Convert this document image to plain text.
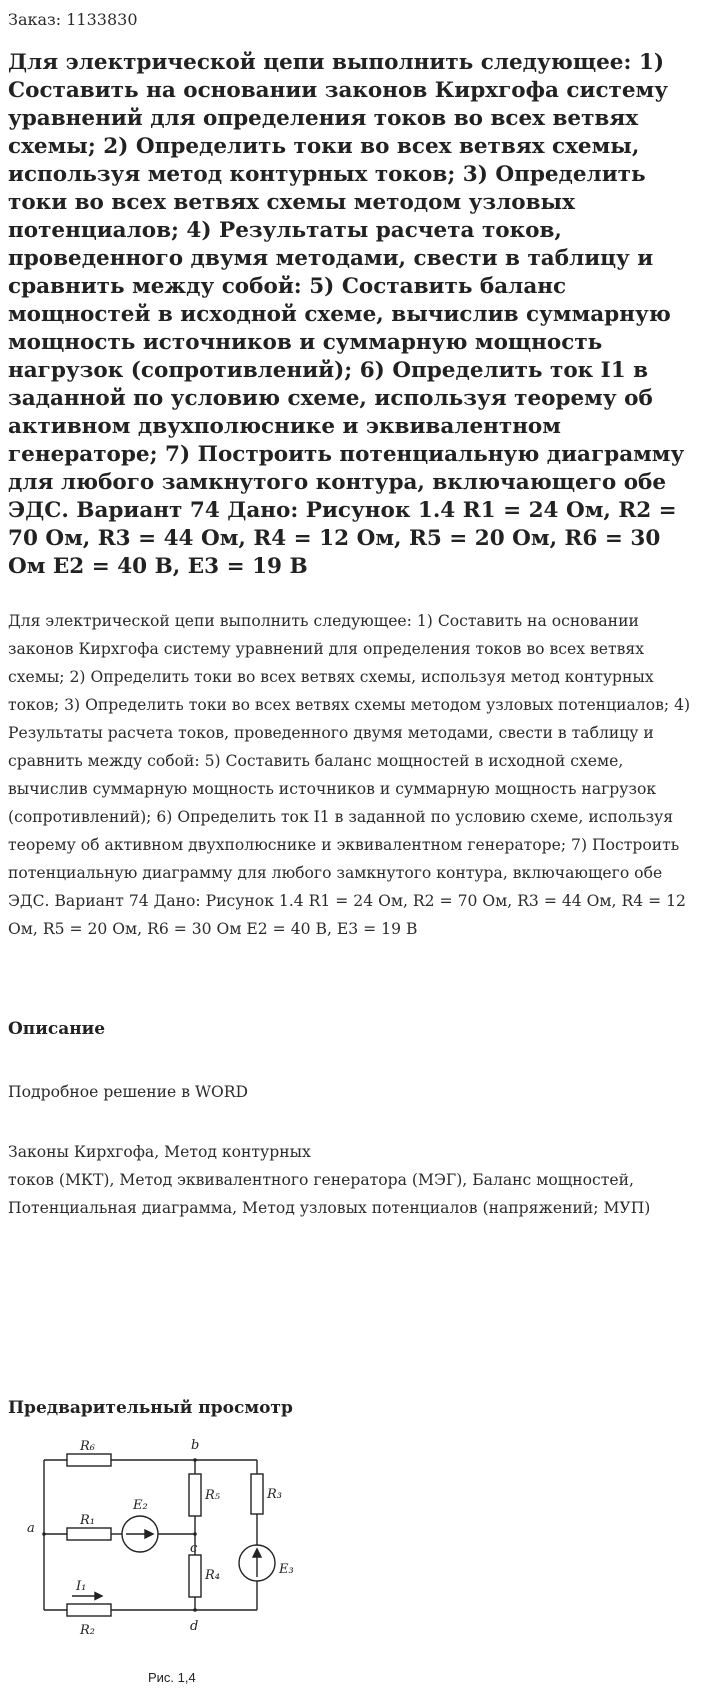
Заказ: 1133830
Для электрической цепи выполнить следующее: 1) Составить на основании законов Кирхгофа систему уравнений для определения токов во всех ветвях схемы; 2) Определить токи во всех ветвях схемы, используя метод контурных токов; 3) Определить токи во всех ветвях схемы методом узловых потенциалов; 4) Результаты расчета токов, проведенного двумя методами, свести в таблицу и сравнить между собой: 5) Составить баланс мощностей в исходной схеме, вычислив суммарную мощность источников и суммарную мощность нагрузок (сопротивлений); 6) Определить ток I1 в заданной по условию схеме, используя теорему об активном двухполюснике и эквивалентном генераторе; 7) Построить потенциальную диаграмму для любого замкнутого контура, включающего обе ЭДС. Вариант 74 Дано: Рисунок 1.4 R1 = 24 Ом, R2 = 70 Ом, R3 = 44 Ом, R4 = 12 Ом, R5 = 20 Ом, R6 = 30 Ом E2 = 40 В, E3 = 19 В

Для электрической цепи выполнить следующее: 1) Составить на основании законов Кирхгофа систему уравнений для определения токов во всех ветвях схемы; 2) Определить токи во всех ветвях схемы, используя метод контурных токов; 3) Определить токи во всех ветвях схемы методом узловых потенциалов; 4) Результаты расчета токов, проведенного двумя методами, свести в таблицу и сравнить между собой: 5) Составить баланс мощностей в исходной схеме, вычислив суммарную мощность источников и суммарную мощность нагрузок (сопротивлений); 6) Определить ток I1 в заданной по условию схеме, используя теорему об активном двухполюснике и эквивалентном генераторе; 7) Построить потенциальную диаграмму для любого замкнутого контура, включающего обе ЭДС. Вариант 74 Дано: Рисунок 1.4 R1 = 24 Ом, R2 = 70 Ом, R3 = 44 Ом, R4 = 12 Ом, R5 = 20 Ом, R6 = 30 Ом E2 = 40 В, E3 = 19 В

Описание

Подробное решение в WORD

Законы Кирхгофа, Метод контурных
токов (МКТ), Метод эквивалентного генератора (МЭГ), Баланс мощностей, Потенциальная диаграмма, Метод узловых потенциалов (напряжений; МУП)
Предварительный просмотр
R₆
R₁
R₂
E₂
R₅
R₄
R₃
E₃
I₁
a
b
c
d
Рис. 1,4
